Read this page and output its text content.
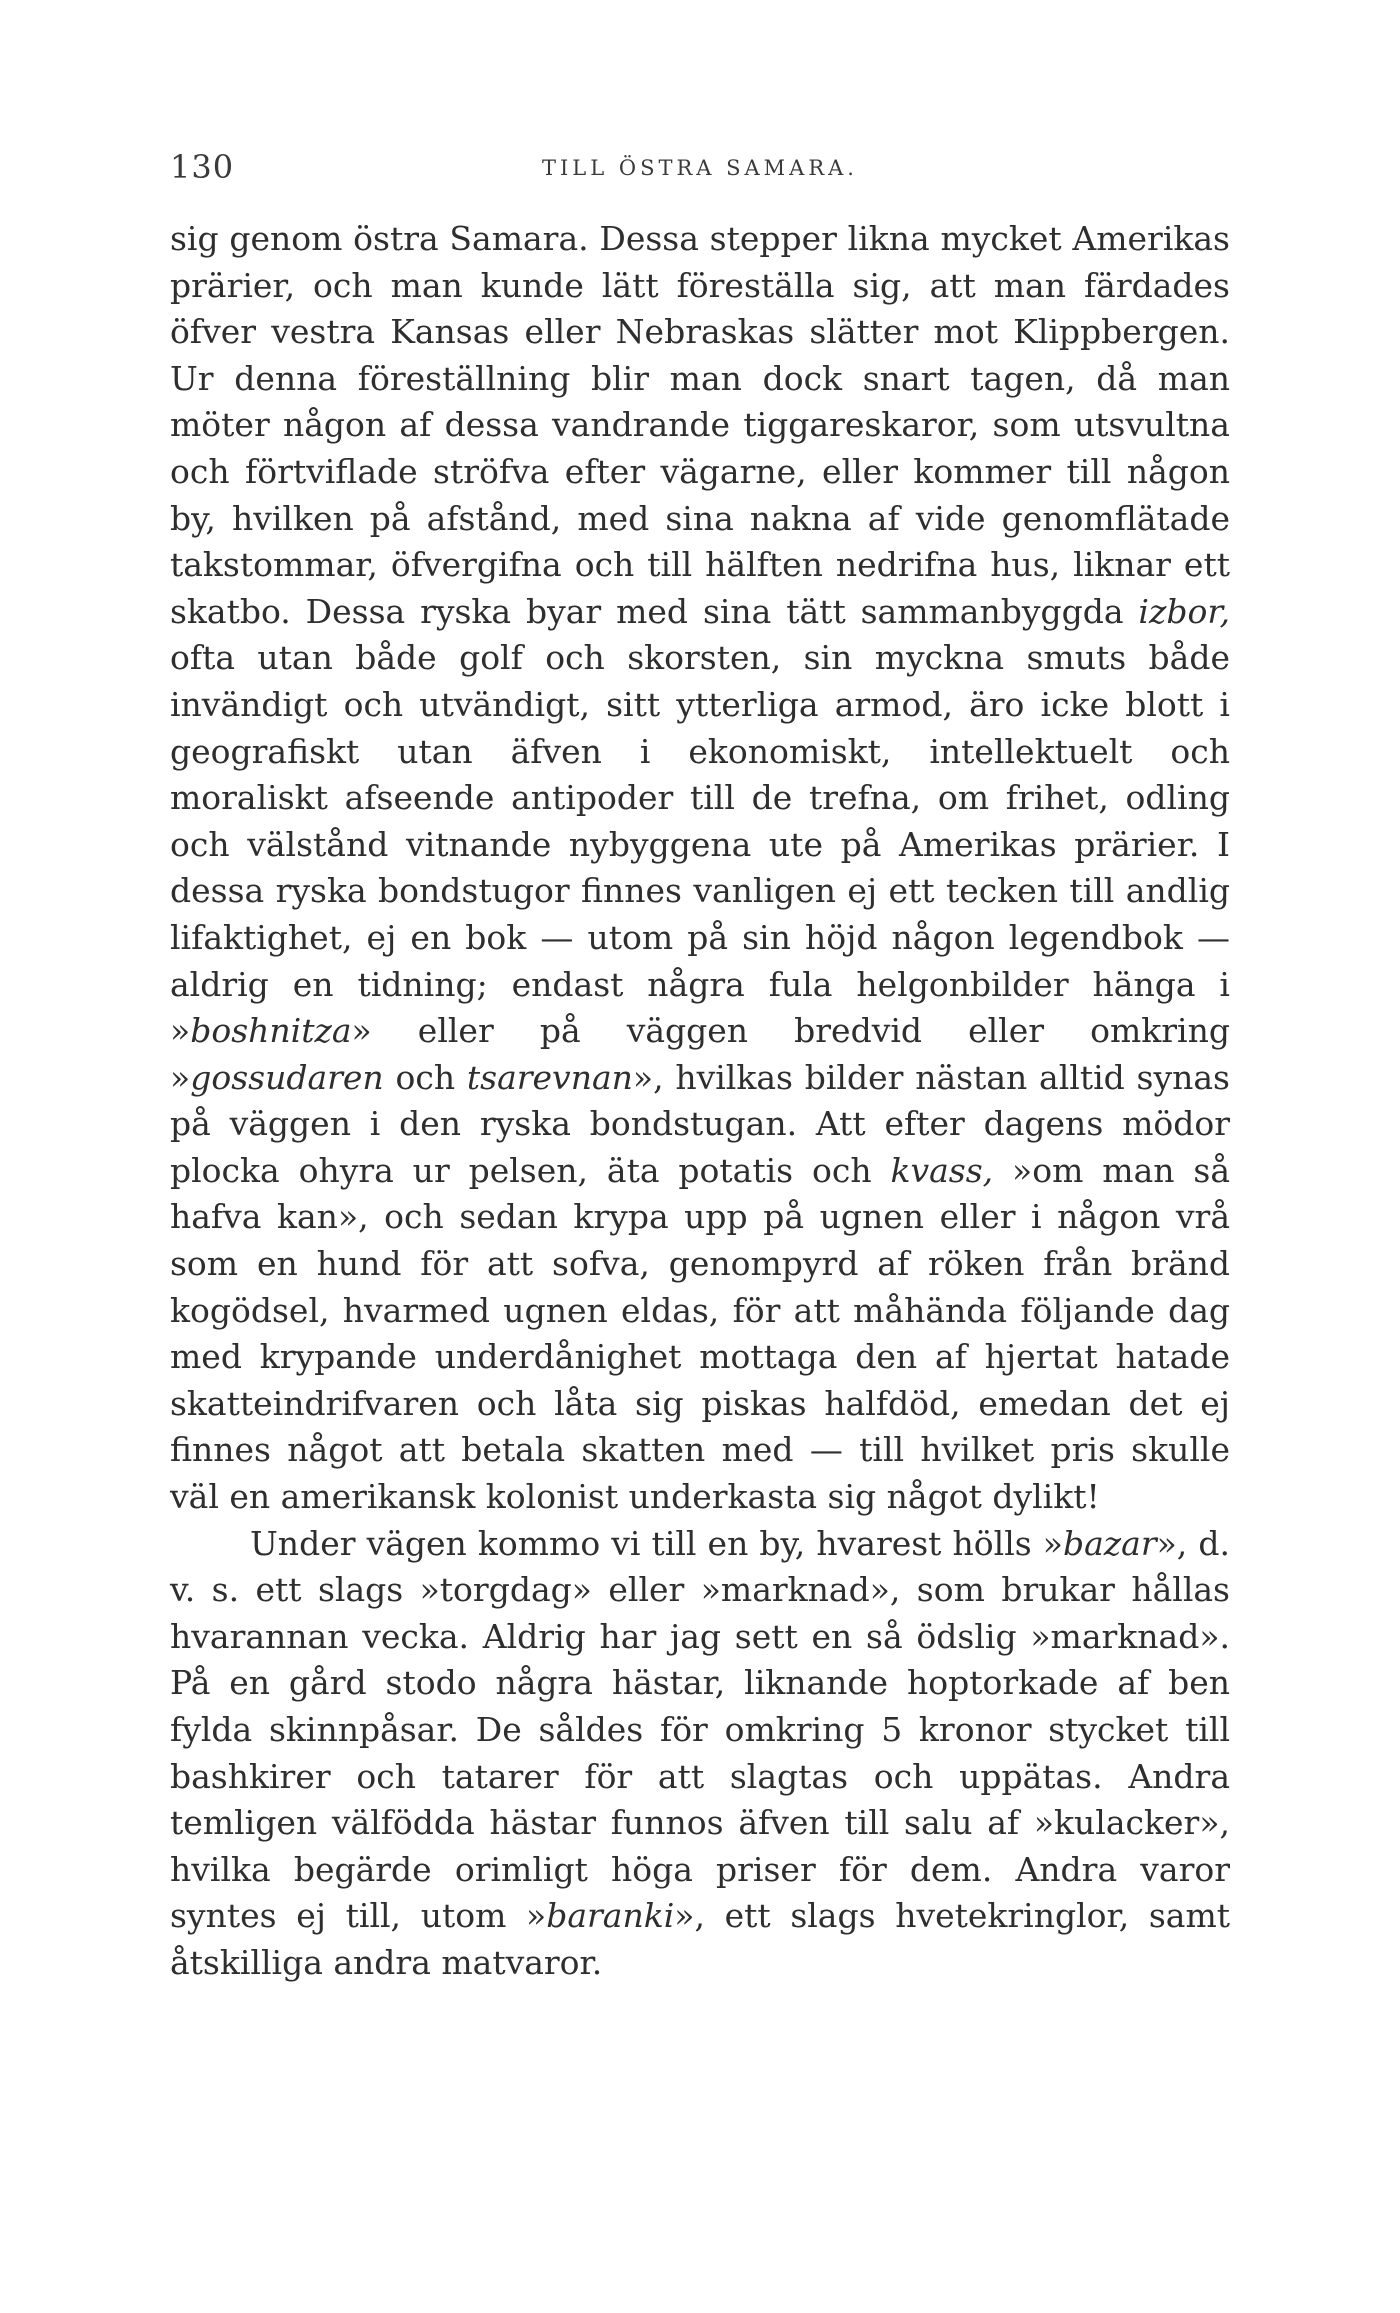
130	TILL ÖSTRA SAMARA.

sig genom östra Samara. Dessa stepper likna mycket Amerikas prärier, och man kunde lätt föreställa sig, att man färdades öfver vestra Kansas eller Nebraskas slätter mot Klippbergen. Ur denna föreställning blir man dock snart tagen, då man möter någon af dessa vandrande tiggareskaror, som utsvultna och förtviflade ströfva efter vägarne, eller kommer till någon by, hvilken på afstånd, med sina nakna af vide genomflätade takstommar, öfvergifna och till hälften nedrifna hus, liknar ett skatbo. Dessa ryska byar med sina tätt sammanbyggda izbor, ofta utan både golf och skorsten, sin myckna smuts både invändigt och utvändigt, sitt ytterliga armod, äro icke blott i geografiskt utan äfven i ekonomiskt, intellektuelt och moraliskt afseende antipoder till de trefna, om frihet, odling och välstånd vitnande nybyggena ute på Amerikas prärier. I dessa ryska bondstugor finnes vanligen ej ett tecken till andlig lifaktighet, ej en bok — utom på sin höjd någon legendbok — aldrig en tidning; endast några fula helgonbilder hänga i »boshnitza» eller på väggen bredvid eller omkring »gossudaren och tsarevnan», hvilkas bilder nästan alltid synas på väggen i den ryska bondstugan. Att efter dagens mödor plocka ohyra ur pelsen, äta potatis och kvass, »om man så hafva kan», och sedan krypa upp på ugnen eller i någon vrå som en hund för att sofva, genompyrd af röken från bränd kogödsel, hvarmed ugnen eldas, för att måhända följande dag med krypande underdånighet mottaga den af hjertat hatade skatteindrifvaren och låta sig piskas halfdöd, emedan det ej finnes något att betala skatten med — till hvilket pris skulle väl en amerikansk kolonist underkasta sig något dylikt!

Under vägen kommo vi till en by, hvarest hölls »bazar», d. v. s. ett slags »torgdag» eller »marknad», som brukar hållas hvarannan vecka. Aldrig har jag sett en så ödslig »marknad». På en gård stodo några hästar, liknande hoptorkade af ben fylda skinnpåsar. De såldes för omkring 5 kronor stycket till bashkirer och tatarer för att slagtas och uppätas. Andra temligen välfödda hästar funnos äfven till salu af »kulacker», hvilka begärde orimligt höga priser för dem. Andra varor syntes ej till, utom »baranki», ett slags hvetekringlor, samt åtskilliga andra matvaror.
